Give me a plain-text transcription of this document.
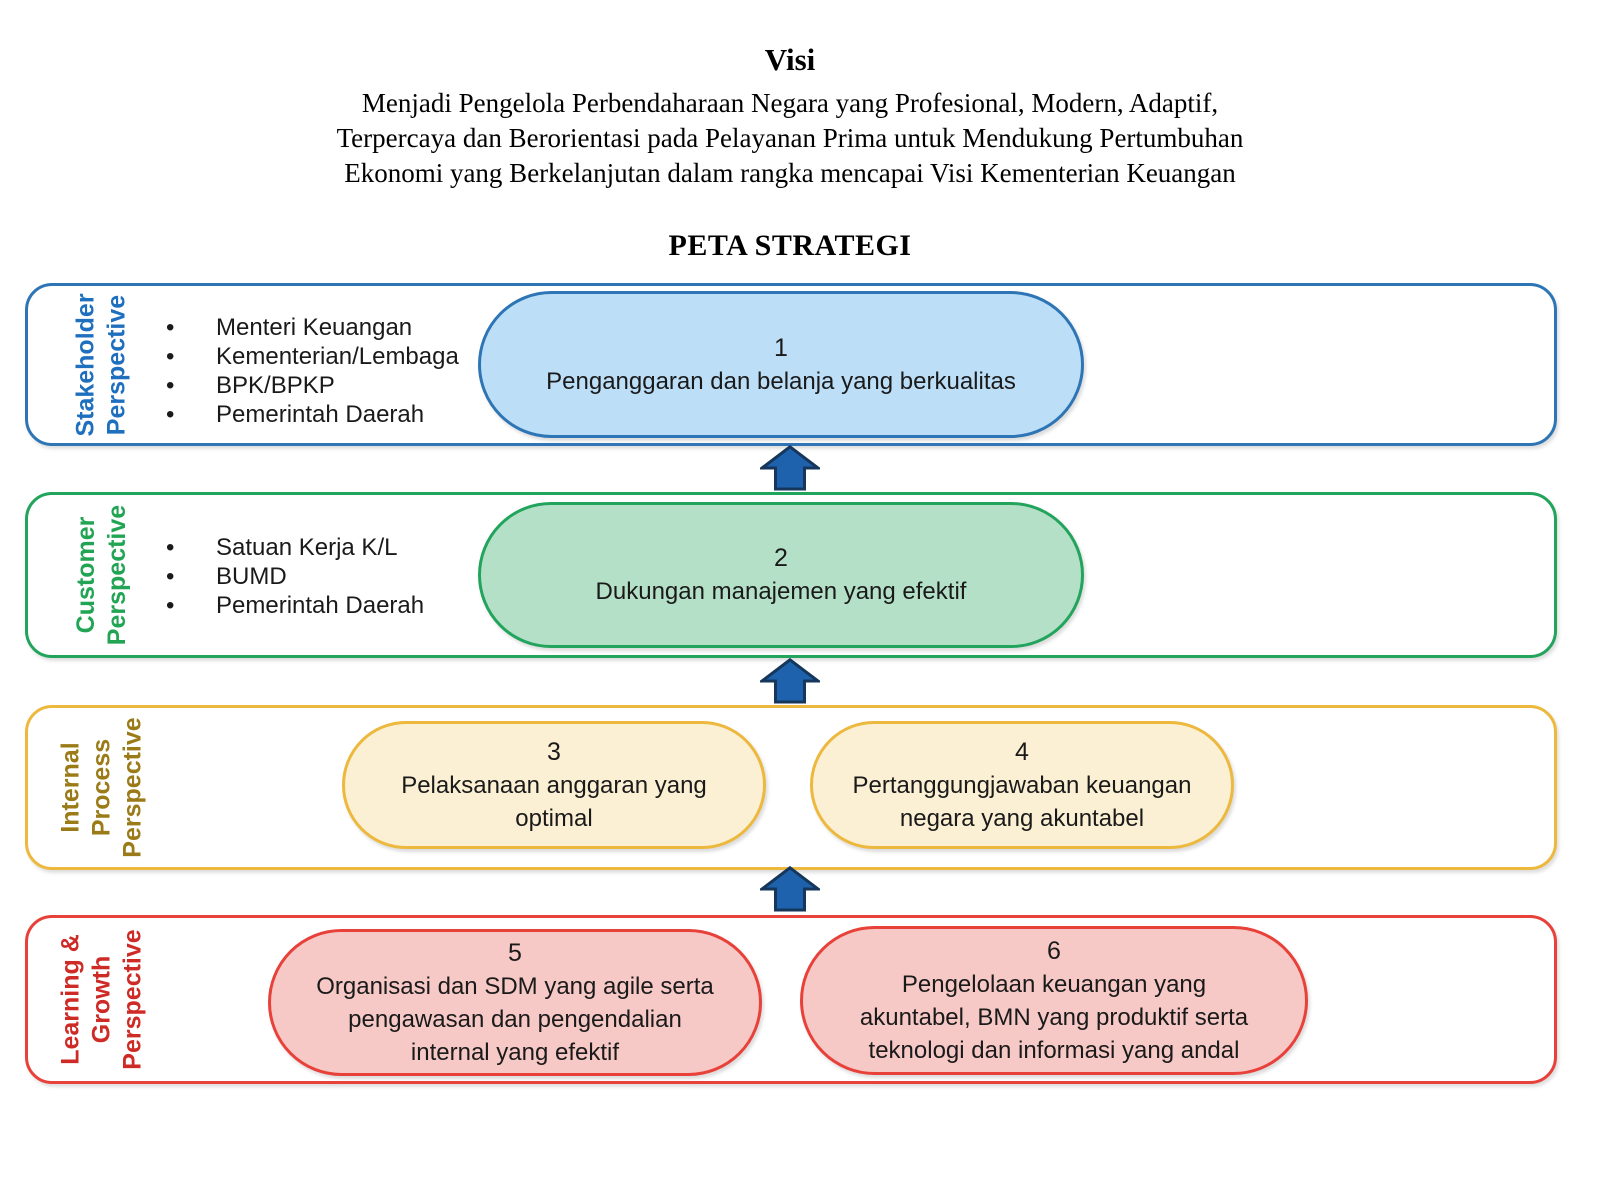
Visi

Menjadi Pengelola Perbendaharaan Negara yang Profesional, Modern, Adaptif,

Terpercaya dan Berorientasi pada Pelayanan Prima untuk Mendukung Pertumbuhan

Ekonomi yang Berkelanjutan dalam rangka mencapai Visi Kementerian Keuangan

PETA STRATEGI
Stakeholder
Perspective	• Menteri Keuangan
• Kementerian/Lembaga
• BPK/BPKP
• Pemerintah Daerah
Customer
Perspective	• Satuan Kerja K/L
• BUMD
• Pemerintah Daerah
Internal
Process
Perspective
Learning &
Growth
Perspective
1
Penganggaran dan belanja yang berkualitas
2
Dukungan manajemen yang efektif
3
Pelaksanaan anggaran yang
optimal
4
Pertanggungjawaban keuangan
negara yang akuntabel
5
Organisasi dan SDM yang agile serta
pengawasan dan pengendalian
internal yang efektif
6
Pengelolaan keuangan yang
akuntabel, BMN yang produktif serta
teknologi dan informasi yang andal
